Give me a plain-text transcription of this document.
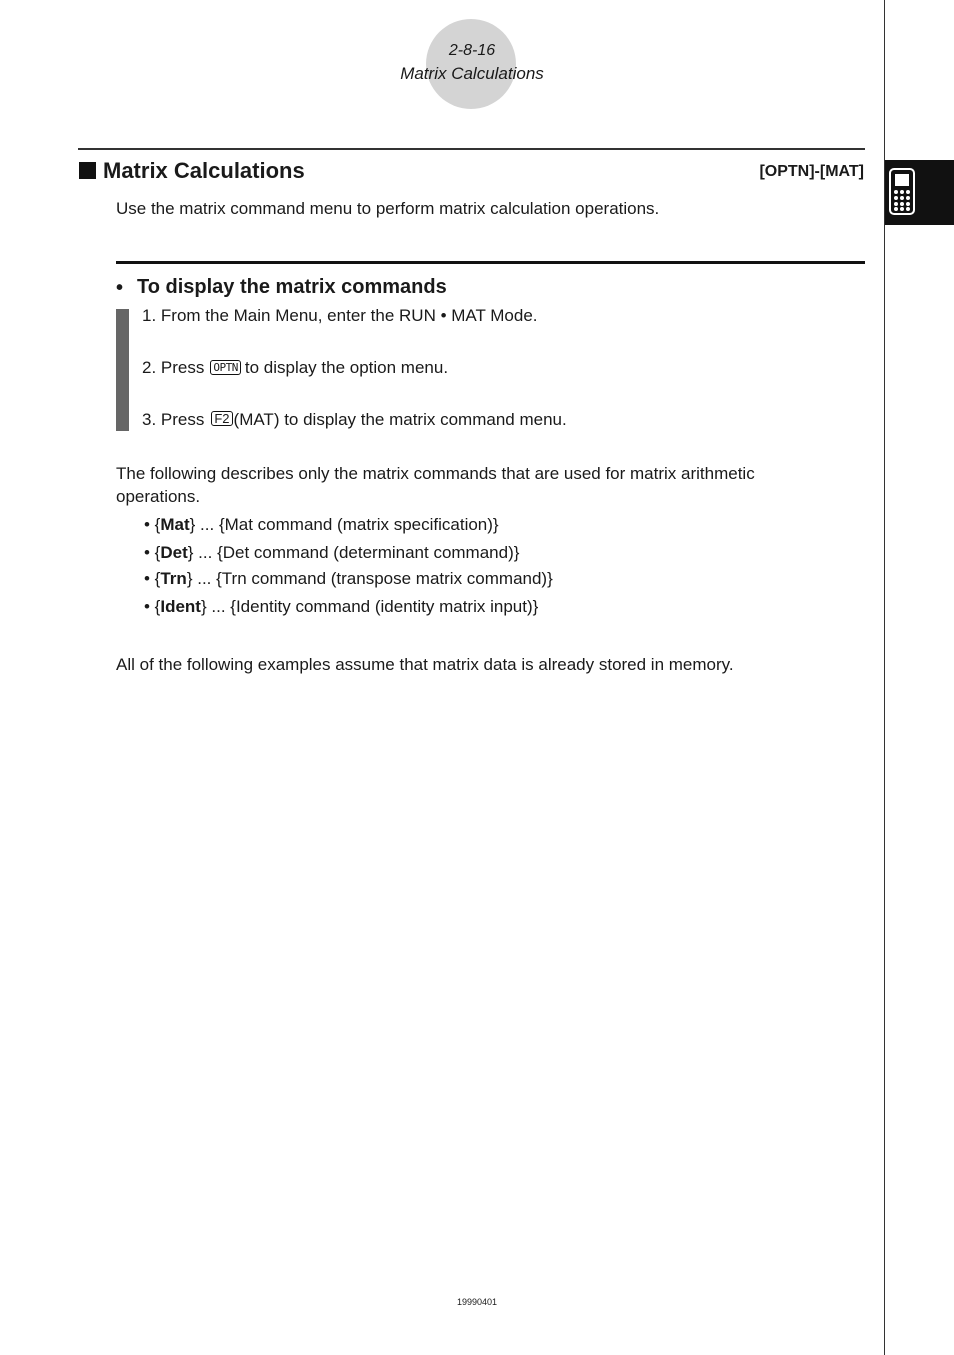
2-8-16
Matrix Calculations
Matrix Calculations	[OPTN]-[MAT]
Use the matrix command menu to perform matrix calculation operations.
• To display the matrix commands
1. From the Main Menu, enter the RUN • MAT Mode.
2. Press OPTN to display the option menu.
3. Press F2 (MAT) to display the matrix command menu.
The following describes only the matrix commands that are used for matrix arithmetic operations.
• {Mat} ... {Mat command (matrix specification)}
• {Det} ... {Det command (determinant command)}
• {Trn} ... {Trn command (transpose matrix command)}
• {Ident} ... {Identity command (identity matrix input)}
All of the following examples assume that matrix data is already stored in memory.
19990401
